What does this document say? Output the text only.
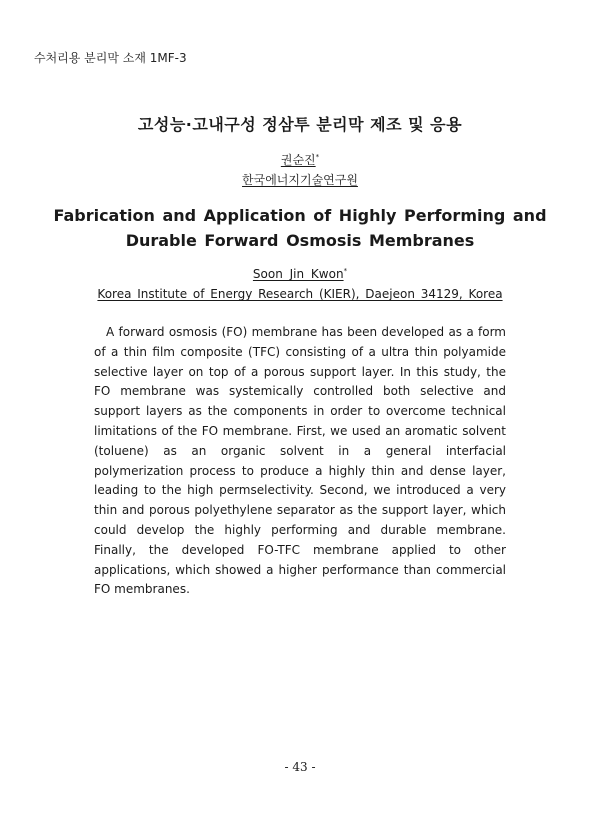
수처리용 분리막 소재 1MF-3
고성능·고내구성 정삼투 분리막 제조 및 응용
권순진*
한국에너지기술연구원
Fabrication and Application of Highly Performing and
Durable Forward Osmosis Membranes
Soon Jin Kwon*
Korea Institute of Energy Research (KIER), Daejeon 34129, Korea

A forward osmosis (FO) membrane has been developed as a form of a thin film composite (TFC) consisting of a ultra thin polyamide selective layer on top of a porous support layer. In this study, the FO membrane was systemically controlled both selective and support layers as the components in order to overcome technical limitations of the FO membrane. First, we used an aromatic solvent (toluene) as an organic solvent in a general interfacial polymerization process to produce a highly thin and dense layer, leading to the high permselectivity. Second, we introduced a very thin and porous polyethylene separator as the support layer, which could develop the highly performing and durable membrane. Finally, the developed FO-TFC membrane applied to other applications, which showed a higher performance than commercial FO membranes.

- 43 -
